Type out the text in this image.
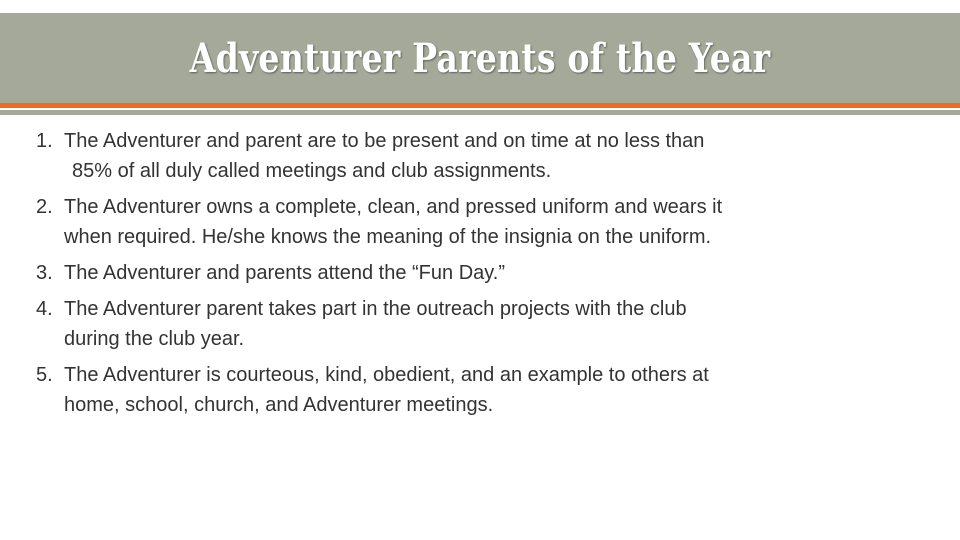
Adventurer Parents of the Year
1. The Adventurer and parent are to be present and on time at no less than
85% of all duly called meetings and club assignments.
2. The Adventurer owns a complete, clean, and pressed uniform and wears it
when required. He/she knows the meaning of the insignia on the uniform.
3. The Adventurer and parents attend the “Fun Day.”
4. The Adventurer parent takes part in the outreach projects with the club
during the club year.
5. The Adventurer is courteous, kind, obedient, and an example to others at
home, school, church, and Adventurer meetings.
